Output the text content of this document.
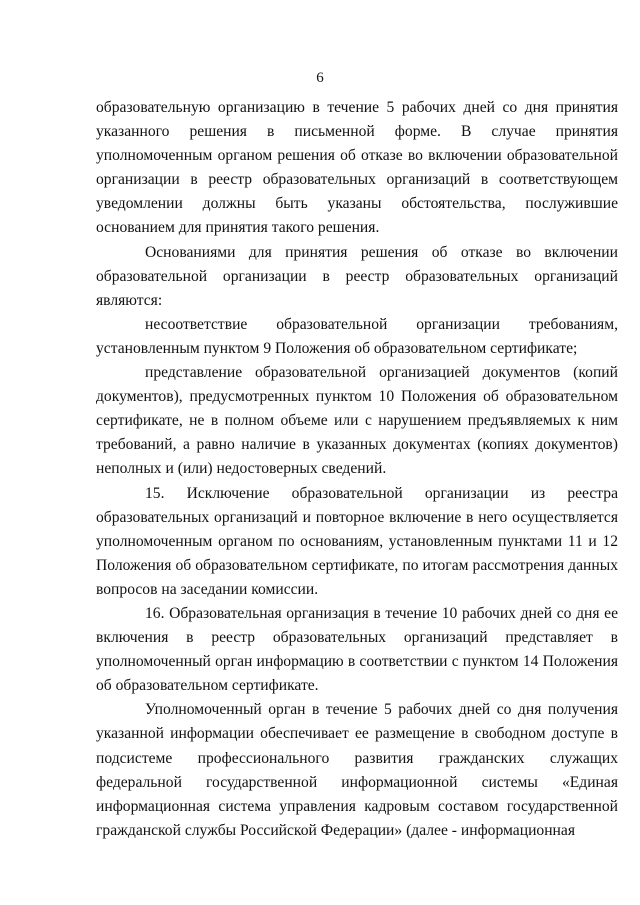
6

образовательную организацию в течение 5 рабочих дней со дня принятия указанного решения в письменной форме. В случае принятия уполномоченным органом решения об отказе во включении образовательной организации в реестр образовательных организаций в соответствующем уведомлении должны быть указаны обстоятельства, послужившие основанием для принятия такого решения.

Основаниями для принятия решения об отказе во включении образовательной организации в реестр образовательных организаций являются:

несоответствие образовательной организации требованиям, установленным пунктом 9 Положения об образовательном сертификате;

представление образовательной организацией документов (копий документов), предусмотренных пунктом 10 Положения об образовательном сертификате, не в полном объеме или с нарушением предъявляемых к ним требований, а равно наличие в указанных документах (копиях документов) неполных и (или) недостоверных сведений.

15. Исключение образовательной организации из реестра образовательных организаций и повторное включение в него осуществляется уполномоченным органом по основаниям, установленным пунктами 11 и 12 Положения об образовательном сертификате, по итогам рассмотрения данных вопросов на заседании комиссии.

16. Образовательная организация в течение 10 рабочих дней со дня ее включения в реестр образовательных организаций представляет в уполномоченный орган информацию в соответствии с пунктом 14 Положения об образовательном сертификате.

Уполномоченный орган в течение 5 рабочих дней со дня получения указанной информации обеспечивает ее размещение в свободном доступе в подсистеме профессионального развития гражданских служащих федеральной государственной информационной системы «Единая информационная система управления кадровым составом государственной гражданской службы Российской Федерации» (далее - информационная
